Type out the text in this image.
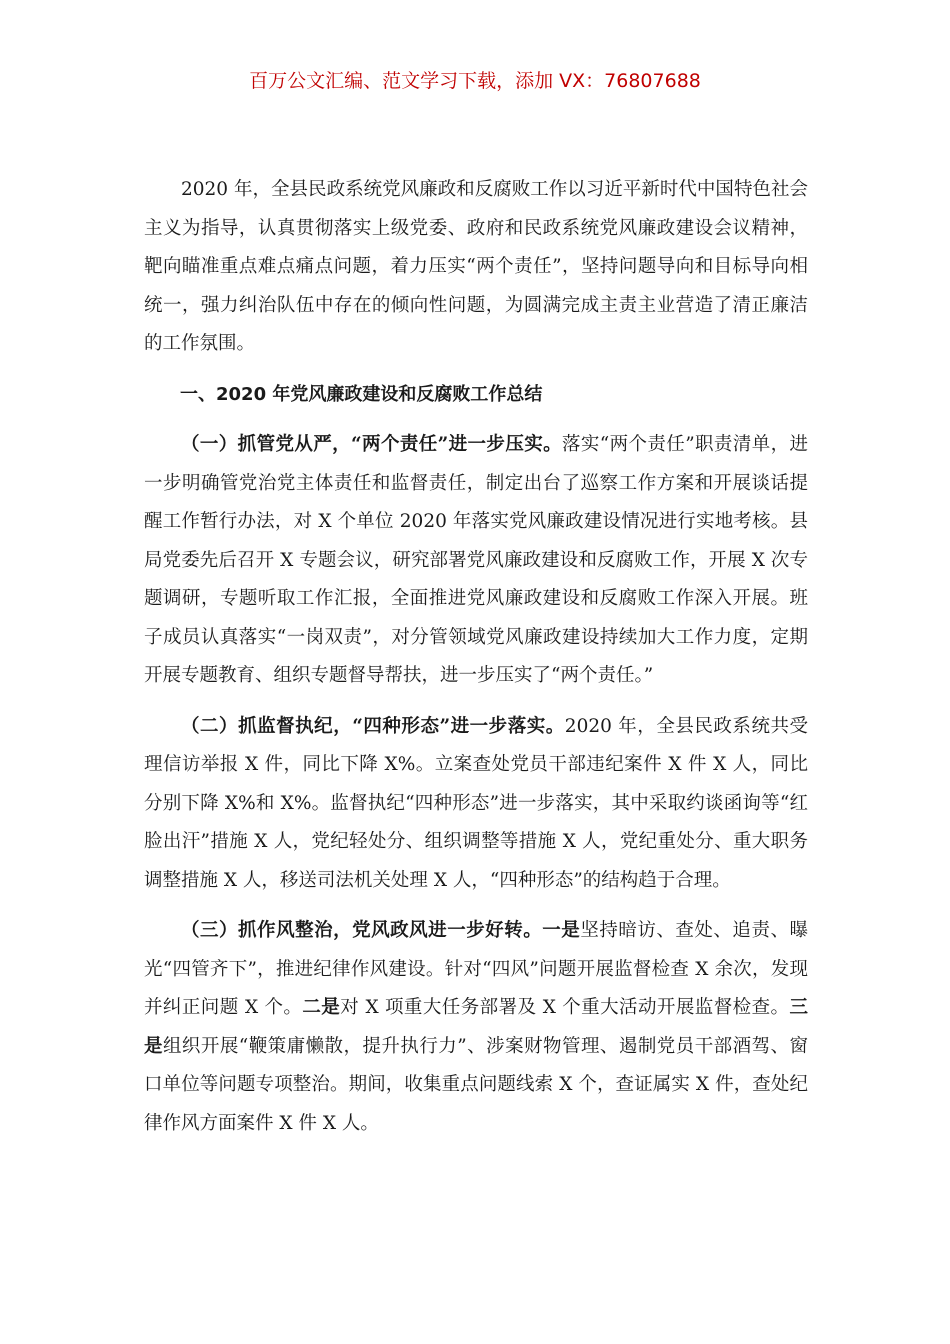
百万公文汇编、范文学习下载，添加 VX：76807688

2020 年，全县民政系统党风廉政和反腐败工作以习近平新时代中国特色社会主义为指导，认真贯彻落实上级党委、政府和民政系统党风廉政建设会议精神，靶向瞄准重点难点痛点问题，着力压实“两个责任”，坚持问题导向和目标导向相统一，强力纠治队伍中存在的倾向性问题，为圆满完成主责主业营造了清正廉洁的工作氛围。

一、2020 年党风廉政建设和反腐败工作总结

（一）抓管党从严，“两个责任”进一步压实。落实“两个责任”职责清单，进一步明确管党治党主体责任和监督责任，制定出台了巡察工作方案和开展谈话提醒工作暂行办法，对 X 个单位 2020 年落实党风廉政建设情况进行实地考核。县局党委先后召开 X 专题会议，研究部署党风廉政建设和反腐败工作，开展 X 次专题调研，专题听取工作汇报，全面推进党风廉政建设和反腐败工作深入开展。班子成员认真落实“一岗双责”，对分管领域党风廉政建设持续加大工作力度，定期开展专题教育、组织专题督导帮扶，进一步压实了“两个责任。”

（二）抓监督执纪，“四种形态”进一步落实。2020 年，全县民政系统共受理信访举报 X 件，同比下降 X%。立案查处党员干部违纪案件 X 件 X 人，同比分别下降 X%和 X%。监督执纪“四种形态”进一步落实，其中采取约谈函询等“红脸出汗”措施 X 人，党纪轻处分、组织调整等措施 X 人，党纪重处分、重大职务调整措施 X 人，移送司法机关处理 X 人，“四种形态”的结构趋于合理。

（三）抓作风整治，党风政风进一步好转。一是坚持暗访、查处、追责、曝光“四管齐下”，推进纪律作风建设。针对“四风”问题开展监督检查 X 余次，发现并纠正问题 X 个。二是对 X 项重大任务部署及 X 个重大活动开展监督检查。三是组织开展“鞭策庸懒散，提升执行力”、涉案财物管理、遏制党员干部酒驾、窗口单位等问题专项整治。期间，收集重点问题线索 X 个，查证属实 X 件，查处纪律作风方面案件 X 件 X 人。
